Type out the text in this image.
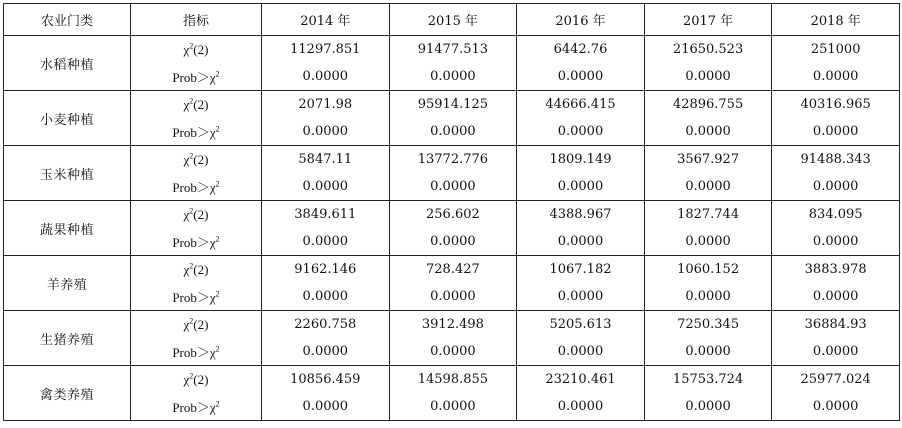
农业门类	指标	2014 年	2015 年	2016 年	2017 年	2018 年
水稻种植	$\chi^2(2)$	11297.851	91477.513	6442.76	21650.523	251000
	$Prob>\chi^2$	0.0000	0.0000	0.0000	0.0000	0.0000
小麦种植	$\chi^2(2)$	2071.98	95914.125	44666.415	42896.755	40316.965
	$Prob>\chi^2$	0.0000	0.0000	0.0000	0.0000	0.0000
玉米种植	$\chi^2(2)$	5847.11	13772.776	1809.149	3567.927	91488.343
	$Prob>\chi^2$	0.0000	0.0000	0.0000	0.0000	0.0000
蔬果种植	$\chi^2(2)$	3849.611	256.602	4388.967	1827.744	834.095
	$Prob>\chi^2$	0.0000	0.0000	0.0000	0.0000	0.0000
羊养殖	$\chi^2(2)$	9162.146	728.427	1067.182	1060.152	3883.978
	$Prob>\chi^2$	0.0000	0.0000	0.0000	0.0000	0.0000
生猪养殖	$\chi^2(2)$	2260.758	3912.498	5205.613	7250.345	36884.93
	$Prob>\chi^2$	0.0000	0.0000	0.0000	0.0000	0.0000
禽类养殖	$\chi^2(2)$	10856.459	14598.855	23210.461	15753.724	25977.024
	$Prob>\chi^2$	0.0000	0.0000	0.0000	0.0000	0.0000
